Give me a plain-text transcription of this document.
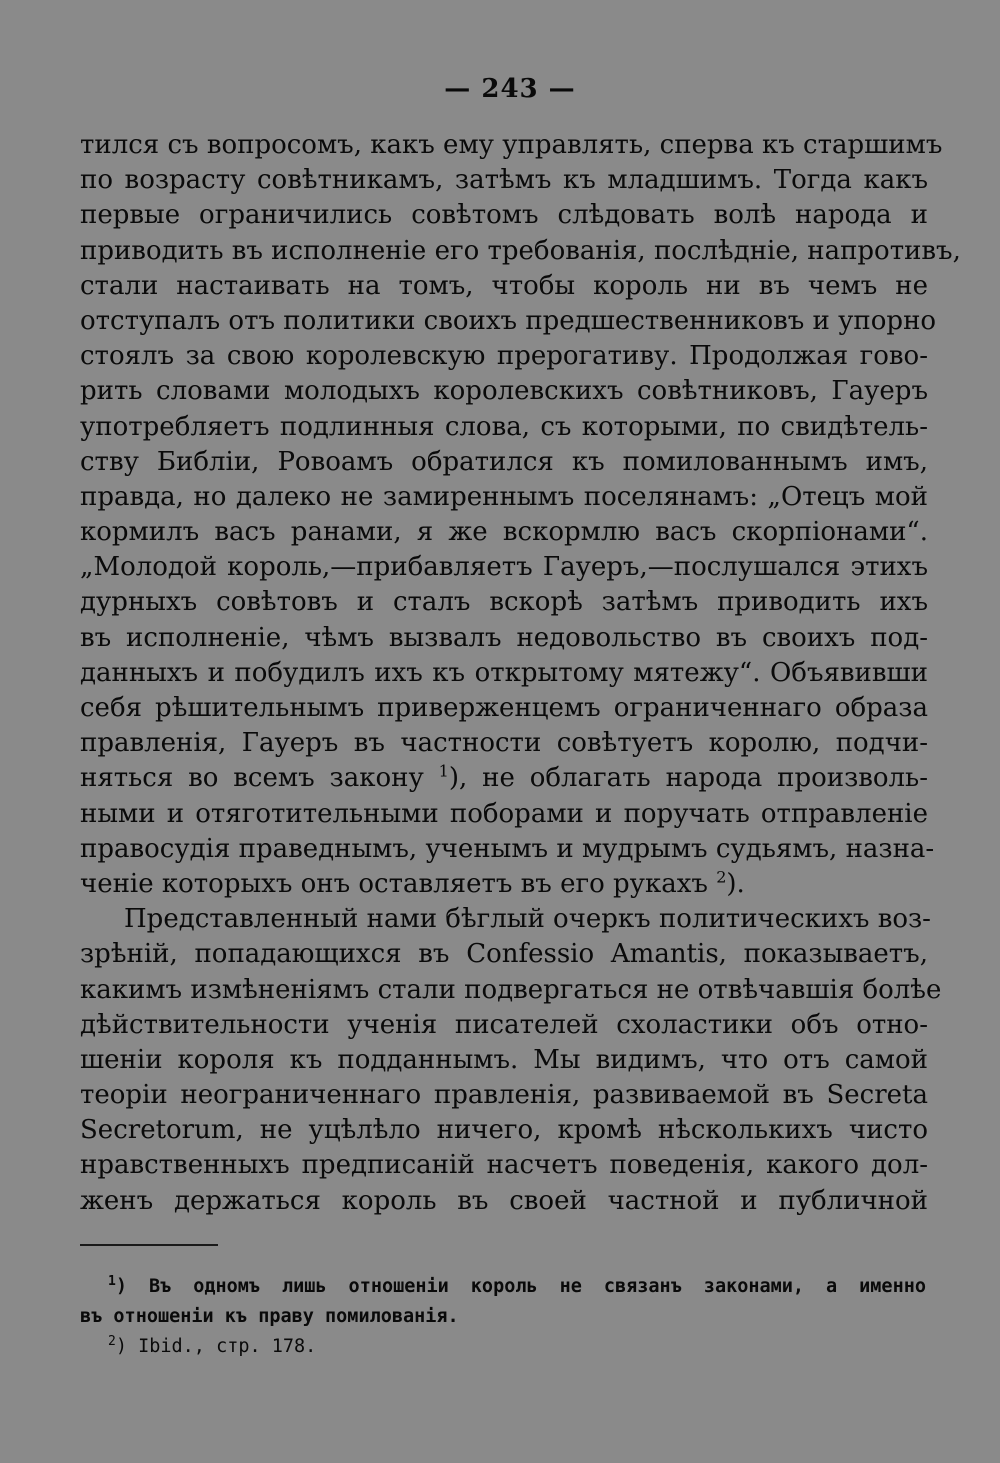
— 243 —
тился съ вопросомъ, какъ ему управлять, сперва къ старшимъ
по возрасту совѣтникамъ, затѣмъ къ младшимъ. Тогда какъ
первые ограничились совѣтомъ слѣдовать волѣ народа и
приводить въ исполненіе его требованія, послѣдніе, напротивъ,
стали настаивать на томъ, чтобы король ни въ чемъ не
отступалъ отъ политики своихъ предшественниковъ и упорно
стоялъ за свою королевскую прерогативу. Продолжая гово-
рить словами молодыхъ королевскихъ совѣтниковъ, Гауеръ
употребляетъ подлинныя слова, съ которыми, по свидѣтель-
ству Библіи, Ровоамъ обратился къ помилованнымъ имъ,
правда, но далеко не замиреннымъ поселянамъ: „Отецъ мой
кормилъ васъ ранами, я же вскормлю васъ скорпіонами“.
„Молодой король,—прибавляетъ Гауеръ,—послушался этихъ
дурныхъ совѣтовъ и сталъ вскорѣ затѣмъ приводить ихъ
въ исполненіе, чѣмъ вызвалъ недовольство въ своихъ под-
данныхъ и побудилъ ихъ къ открытому мятежу“. Объявивши
себя рѣшительнымъ приверженцемъ ограниченнаго образа
правленія, Гауеръ въ частности совѣтуетъ королю, подчи-
няться во всемъ закону $^1$), не облагать народа произволь-
ными и отяготительными поборами и поручать отправленіе
правосудія праведнымъ, ученымъ и мудрымъ судьямъ, назна-
ченіе которыхъ онъ оставляетъ въ его рукахъ $^2$).
Представленный нами бѣглый очеркъ политическихъ воз-
зрѣній, попадающихся въ Confessio Amantis, показываетъ,
какимъ измѣненіямъ стали подвергаться не отвѣчавшія болѣе
дѣйствительности ученія писателей схоластики объ отно-
шеніи короля къ подданнымъ. Мы видимъ, что отъ самой
теоріи неограниченнаго правленія, развиваемой въ Secreta
Secretorum, не уцѣлѣло ничего, кромѣ нѣсколькихъ чисто
нравственныхъ предписаній насчетъ поведенія, какого дол-
женъ держаться король въ своей частной и публичной
$^1$) Въ одномъ лишь отношеніи король не связанъ законами, а именно
въ отношеніи къ праву помилованія.
$^2$) Ibid., стр. 178.
